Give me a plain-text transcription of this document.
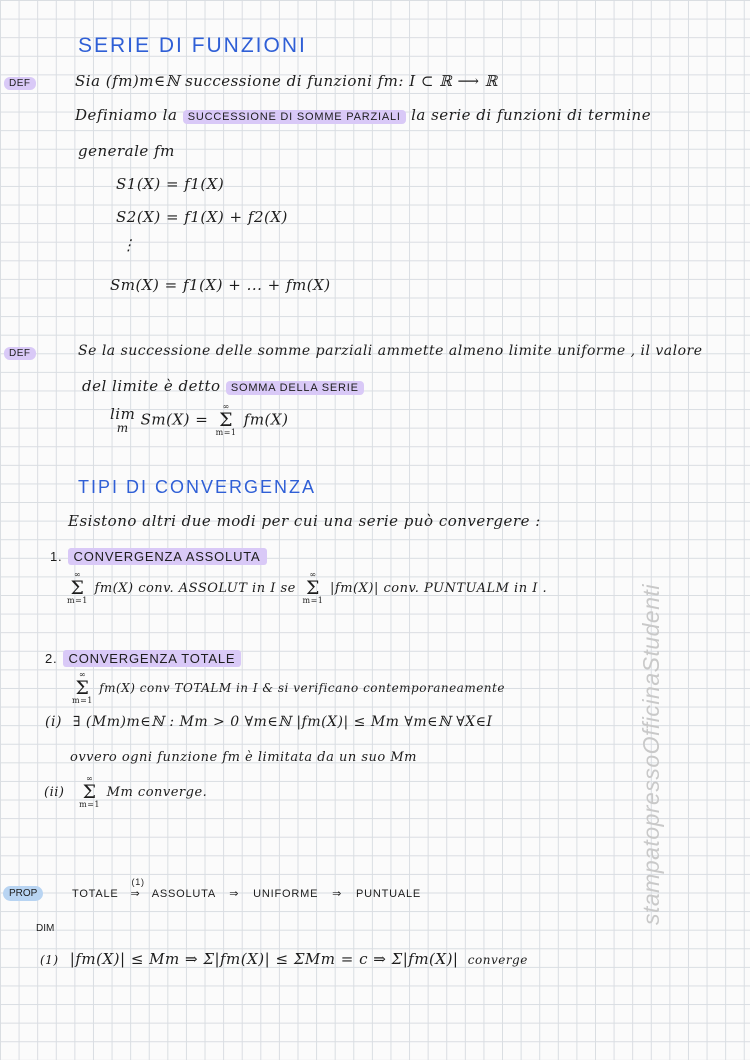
SERIE DI FUNZIONI
DEF	Sia (fm)m∈ℕ successione di funzioni fm: I ⊂ ℝ ⟶ ℝ
Definiamo la SUCCESSIONE DI SOMME PARZIALI la serie di funzioni di termine
generale fm
S1(X) = f1(X)
S2(X) = f1(X) + f2(X)
⋮
Sm(X) = f1(X) + ... + fm(X)
DEF	Se la successione delle somme parziali ammette almeno limite uniforme , il valore
del limite è detto SOMMA DELLA SERIE
lim
m Sm(X) =
∞
Σ
m=1
fm(X)
TIPI DI CONVERGENZA
Esistono altri due modi per cui una serie può convergere :
1. CONVERGENZA ASSOLUTA
∞
Σ
m=1
fm(X) conv. ASSOLUT in I se
∞
Σ
m=1
|fm(X)| conv. PUNTUALM in I .
2. CONVERGENZA TOTALE
∞
Σ
m=1
fm(X) conv TOTALM in I & si verificano contemporaneamente
(i) ∃ (Mm)m∈ℕ : Mm > 0 ∀m∈ℕ |fm(X)| ≤ Mm ∀m∈ℕ ∀X∈I
ovvero ogni funzione fm è limitata da un suo Mm
(ii)
∞
Σ
m=1
Mm converge.
PROP	TOTALE
(1)
⇒ ASSOLUTA ⇒ UNIFORME ⇒ PUNTUALE
DIM
(1) |fm(X)| ≤ Mm ⇒ Σ|fm(X)| ≤ ΣMm = c ⇒ Σ|fm(X)| converge
stampatopressoOfficinaStudenti
